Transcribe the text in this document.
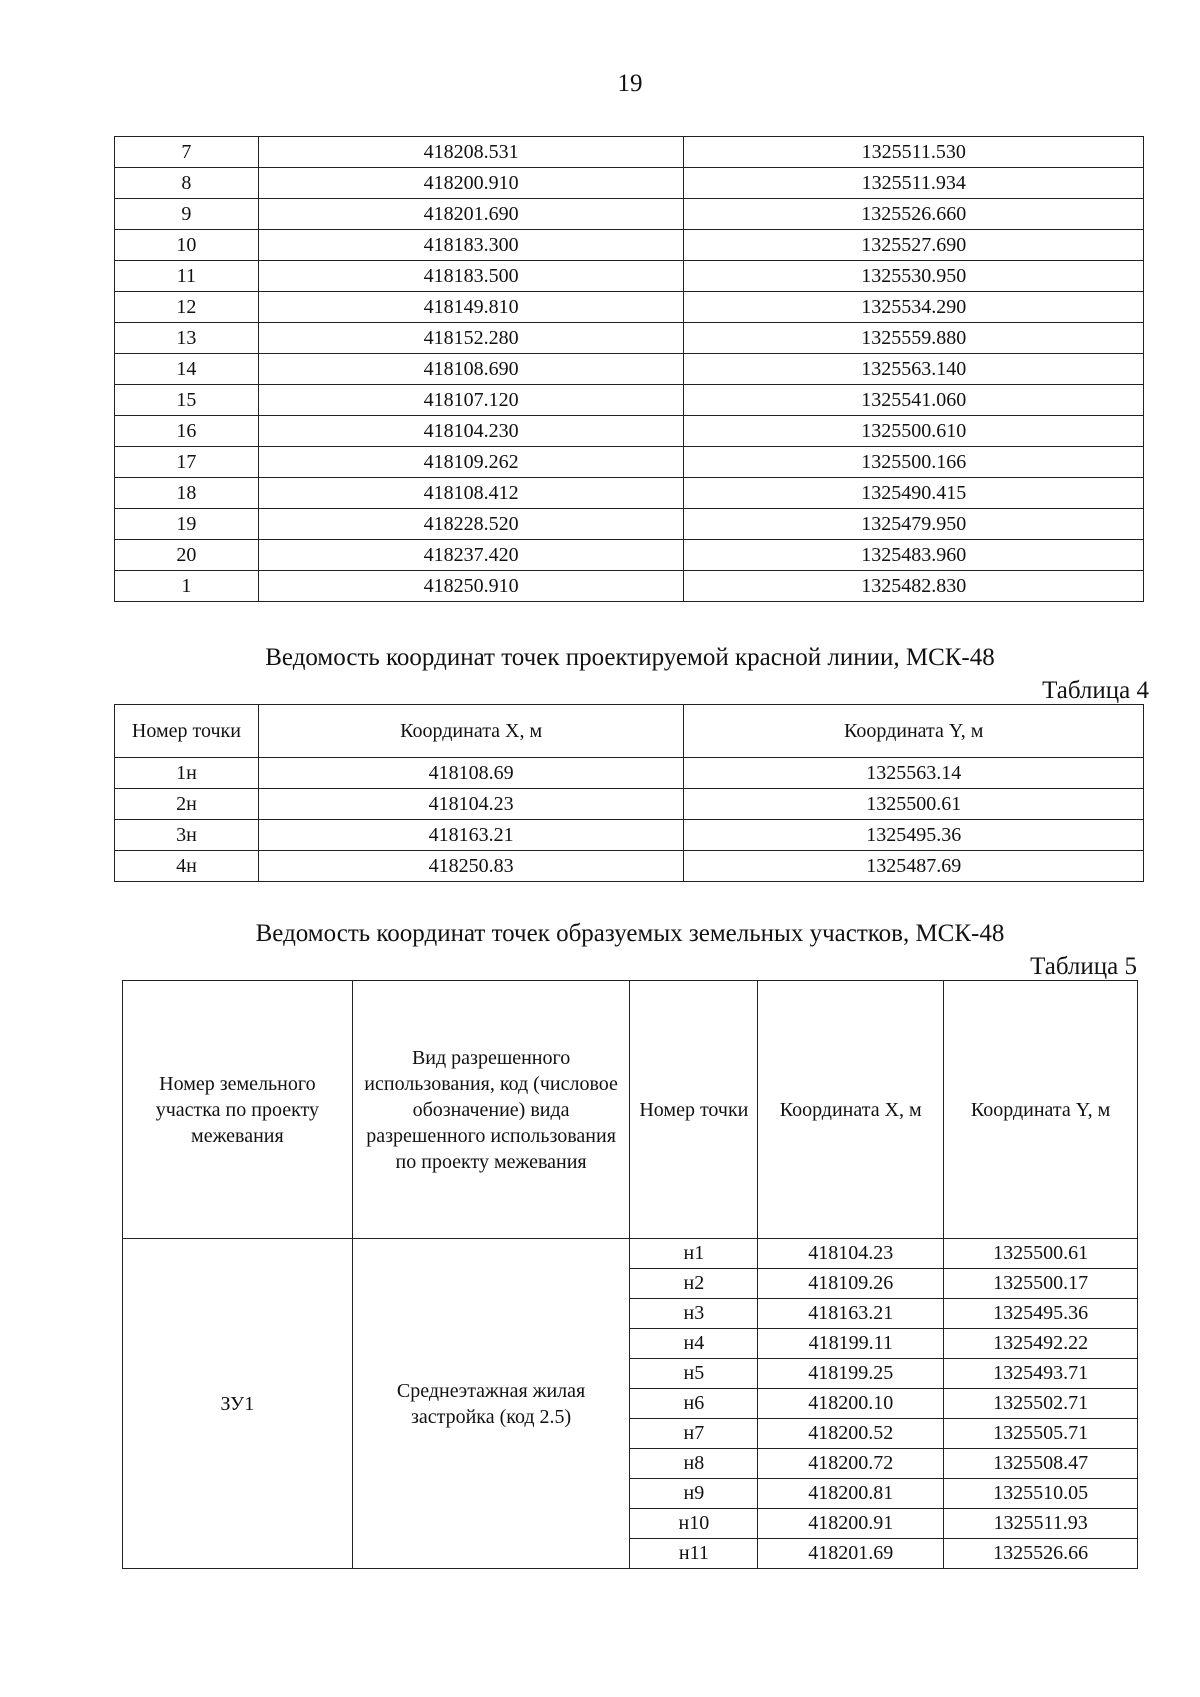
19
7	418208.531	1325511.530
8	418200.910	1325511.934
9	418201.690	1325526.660
10	418183.300	1325527.690
11	418183.500	1325530.950
12	418149.810	1325534.290
13	418152.280	1325559.880
14	418108.690	1325563.140
15	418107.120	1325541.060
16	418104.230	1325500.610
17	418109.262	1325500.166
18	418108.412	1325490.415
19	418228.520	1325479.950
20	418237.420	1325483.960
1	418250.910	1325482.830
Ведомость координат точек проектируемой красной линии, МСК-48
Таблица 4
Номер точки	Координата X, м	Координата Y, м
1н	418108.69	1325563.14
2н	418104.23	1325500.61
3н	418163.21	1325495.36
4н	418250.83	1325487.69
Ведомость координат точек образуемых земельных участков, МСК-48
Таблица 5
Номер земельного участка по проекту межевания	Вид разрешенного использования, код (числовое обозначение) вида разрешенного использования по проекту межевания	Номер точки	Координата X, м	Координата Y, м
ЗУ1	Среднеэтажная жилая застройка (код 2.5)	н1	418104.23	1325500.61
		н2	418109.26	1325500.17
		н3	418163.21	1325495.36
		н4	418199.11	1325492.22
		н5	418199.25	1325493.71
		н6	418200.10	1325502.71
		н7	418200.52	1325505.71
		н8	418200.72	1325508.47
		н9	418200.81	1325510.05
		н10	418200.91	1325511.93
		н11	418201.69	1325526.66
